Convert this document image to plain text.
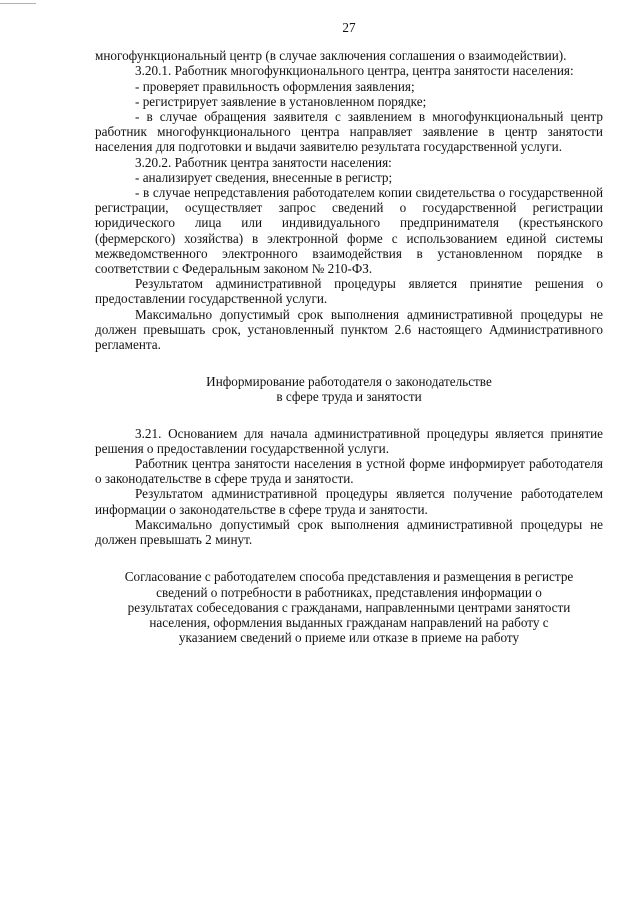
27

многофункциональный центр (в случае заключения соглашения о взаимодействии).

3.20.1. Работник многофункционального центра, центра занятости населения:

- проверяет правильность оформления заявления;

- регистрирует заявление в установленном порядке;

- в случае обращения заявителя с заявлением в многофункциональный центр работник многофункционального центра направляет заявление в центр занятости населения для подготовки и выдачи заявителю результата государственной услуги.

3.20.2. Работник центра занятости населения:

- анализирует сведения, внесенные в регистр;

- в случае непредставления работодателем копии свидетельства о государственной регистрации, осуществляет запрос сведений о государственной регистрации юридического лица или индивидуального предпринимателя (крестьянского (фермерского) хозяйства) в электронной форме с использованием единой системы межведомственного электронного взаимодействия в установленном порядке в соответствии с Федеральным законом № 210-ФЗ.

Результатом административной процедуры является принятие решения о предоставлении государственной услуги.

Максимально допустимый срок выполнения административной процедуры не должен превышать срок, установленный пунктом 2.6 настоящего Административного регламента.

Информирование работодателя о законодательстве

в сфере труда и занятости

3.21. Основанием для начала административной процедуры является принятие решения о предоставлении государственной услуги.

Работник центра занятости населения в устной форме информирует работодателя о законодательстве в сфере труда и занятости.

Результатом административной процедуры является получение работодателем информации о законодательстве в сфере труда и занятости.

Максимально допустимый срок выполнения административной процедуры не должен превышать 2 минут.

Согласование с работодателем способа представления и размещения в регистре

сведений о потребности в работниках, представления информации о

результатах собеседования с гражданами, направленными центрами занятости

населения, оформления выданных гражданам направлений на работу с

указанием сведений о приеме или отказе в приеме на работу
